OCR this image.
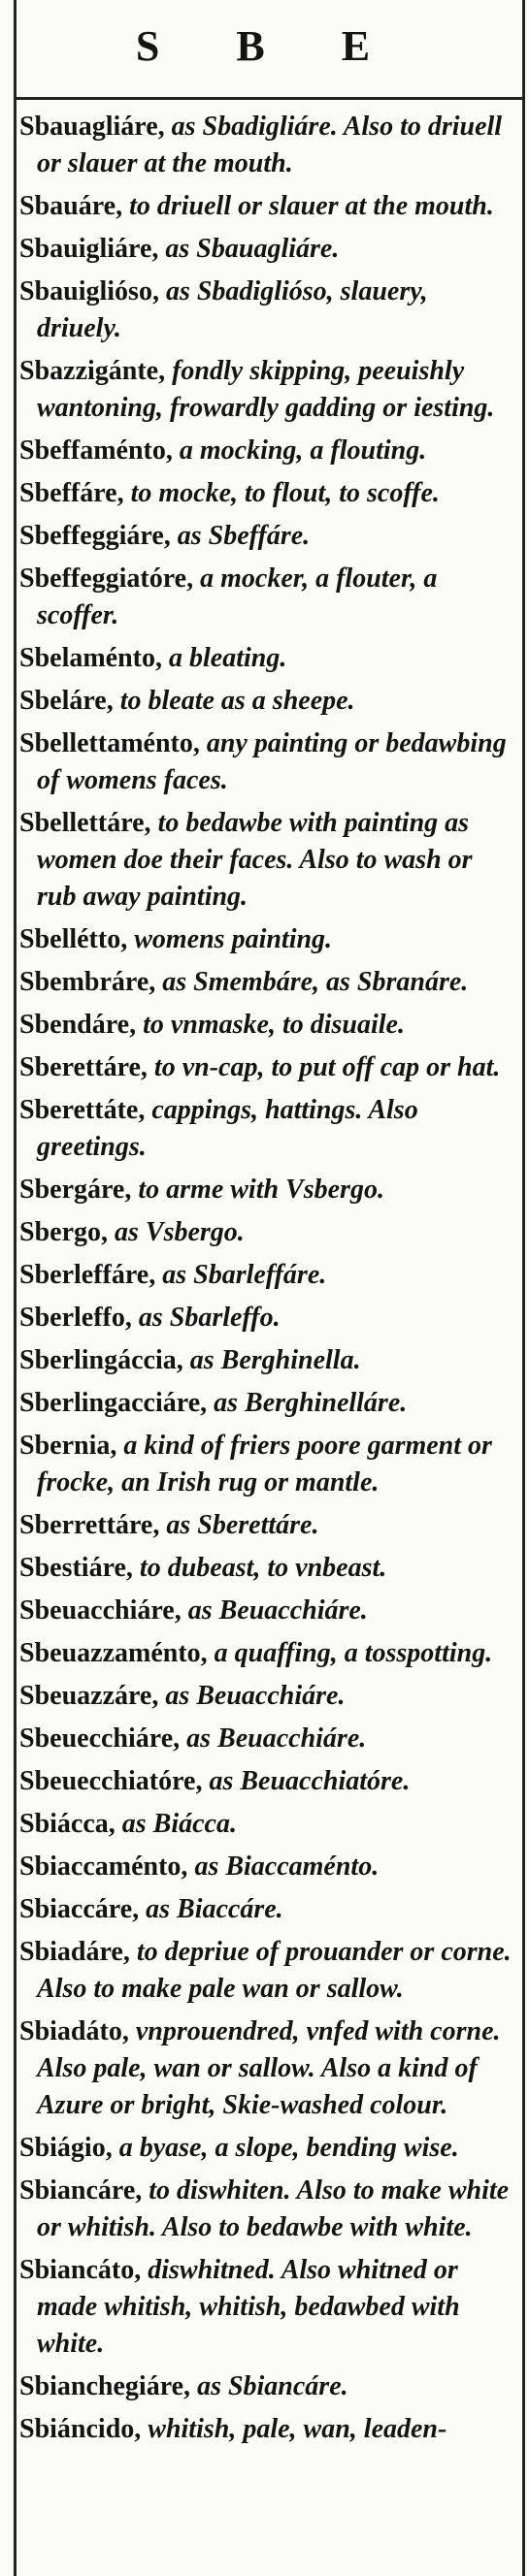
S B E

Sbauagliáre, as Sbadigliáre. Also to driuell or slauer at the mouth.

Sbauáre, to driuell or slauer at the mouth.

Sbauigliáre, as Sbauagliáre.

Sbauiglióso, as Sbadiglióso, slauery, driuely.

Sbazzigánte, fondly skipping, peeuishly wantoning, frowardly gadding or iesting.

Sbeffaménto, a mocking, a flouting.

Sbeffáre, to mocke, to flout, to scoffe.

Sbeffeggiáre, as Sbeffáre.

Sbeffeggiatóre, a mocker, a flouter, a scoffer.

Sbelaménto, a bleating.

Sbeláre, to bleate as a sheepe.

Sbellettaménto, any painting or bedawbing of womens faces.

Sbellettáre, to bedawbe with painting as women doe their faces. Also to wash or rub away painting.

Sbellétto, womens painting.

Sbembráre, as Smembáre, as Sbranáre.

Sbendáre, to vnmaske, to disuaile.

Sberettáre, to vn-cap, to put off cap or hat.

Sberettáte, cappings, hattings. Also greetings.

Sbergáre, to arme with Vsbergo.

Sbergo, as Vsbergo.

Sberleffáre, as Sbarleffáre.

Sberleffo, as Sbarleffo.

Sberlingáccia, as Berghinella.

Sberlingacciáre, as Berghinelláre.

Sbernia, a kind of friers poore garment or frocke, an Irish rug or mantle.

Sberrettáre, as Sberettáre.

Sbestiáre, to dubeast, to vnbeast.

Sbeuacchiáre, as Beuacchiáre.

Sbeuazzaménto, a quaffing, a tosspotting.

Sbeuazzáre, as Beuacchiáre.

Sbeuecchiáre, as Beuacchiáre.

Sbeuecchiatóre, as Beuacchiatóre.

Sbiácca, as Biácca.

Sbiaccaménto, as Biaccaménto.

Sbiaccáre, as Biaccáre.

Sbiadáre, to depriue of prouander or corne. Also to make pale wan or sallow.

Sbiadáto, vnprouendred, vnfed with corne. Also pale, wan or sallow. Also a kind of Azure or bright, Skie-washed colour.

Sbiágio, a byase, a slope, bending wise.

Sbiancáre, to diswhiten. Also to make white or whitish. Also to bedawbe with white.

Sbiancáto, diswhitned. Also whitned or made whitish, whitish, bedawbed with white.

Sbianchegiáre, as Sbiancáre.

Sbiáncido, whitish, pale, wan, leaden-
